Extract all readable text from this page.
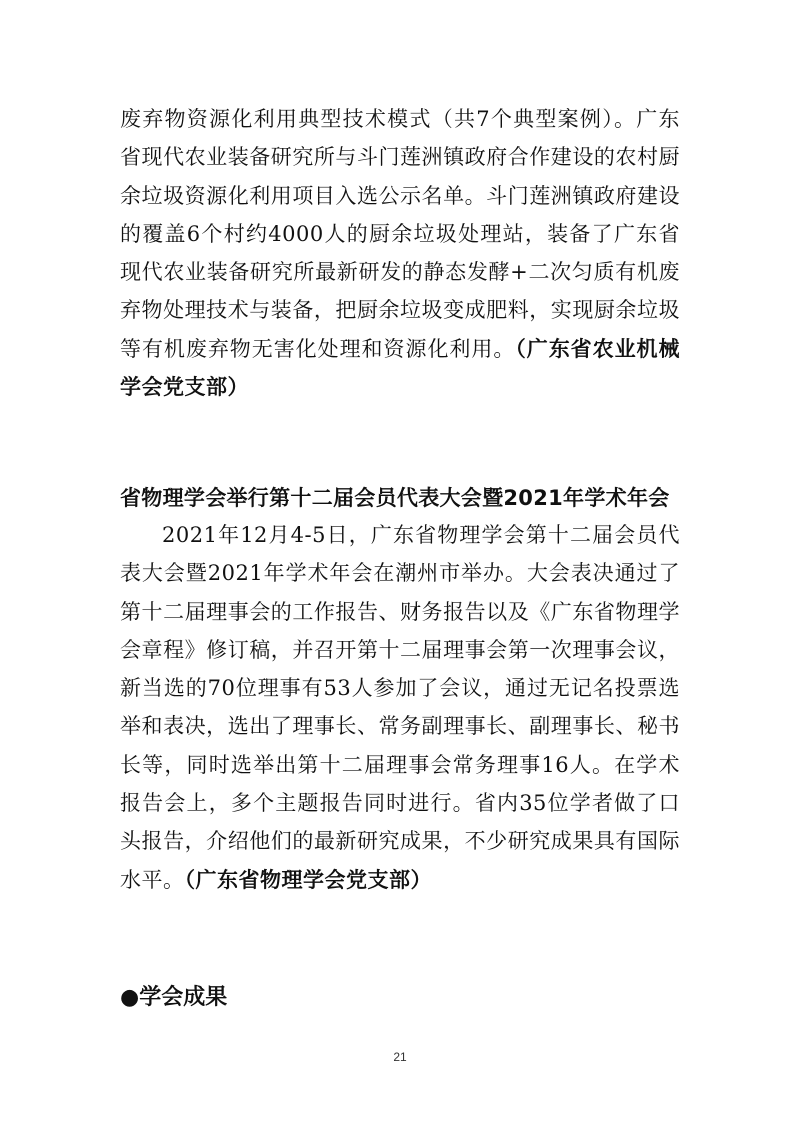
废弃物资源化利用典型技术模式（共7个典型案例）。广东省现代农业装备研究所与斗门莲洲镇政府合作建设的农村厨余垃圾资源化利用项目入选公示名单。斗门莲洲镇政府建设的覆盖6个村约4000人的厨余垃圾处理站，装备了广东省现代农业装备研究所最新研发的静态发酵+二次匀质有机废弃物处理技术与装备，把厨余垃圾变成肥料，实现厨余垃圾等有机废弃物无害化处理和资源化利用。（广东省农业机械学会党支部）

省物理学会举行第十二届会员代表大会暨2021年学术年会

2021年12月4-5日，广东省物理学会第十二届会员代表大会暨2021年学术年会在潮州市举办。大会表决通过了第十二届理事会的工作报告、财务报告以及《广东省物理学会章程》修订稿，并召开第十二届理事会第一次理事会议，新当选的70位理事有53人参加了会议，通过无记名投票选举和表决，选出了理事长、常务副理事长、副理事长、秘书长等，同时选举出第十二届理事会常务理事16人。在学术报告会上，多个主题报告同时进行。省内35位学者做了口头报告，介绍他们的最新研究成果，不少研究成果具有国际水平。（广东省物理学会党支部）

●学会成果
21
